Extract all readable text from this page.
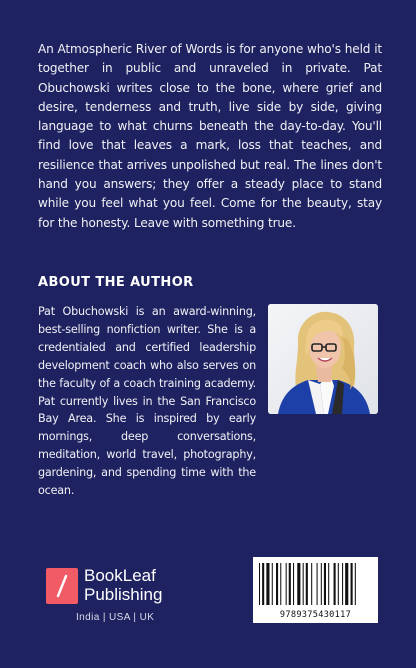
An Atmospheric River of Words is for anyone who's held it together in public and unraveled in private. Pat Obuchowski writes close to the bone, where grief and desire, tenderness and truth, live side by side, giving language to what churns beneath the day-to-day. You'll find love that leaves a mark, loss that teaches, and resilience that arrives unpolished but real. The lines don't hand you answers; they offer a steady place to stand while you feel what you feel. Come for the beauty, stay for the honesty. Leave with something true.

ABOUT THE AUTHOR

Pat Obuchowski is an award-winning, best-selling nonfiction writer. She is a credentialed and certified leadership development coach who also serves on the faculty of a coach training academy. Pat currently lives in the San Francisco Bay Area. She is inspired by early mornings, deep conversations, meditation, world travel, photography, gardening, and spending time with the ocean.

BookLeaf
Publishing
India | USA | UK	9789375430117
